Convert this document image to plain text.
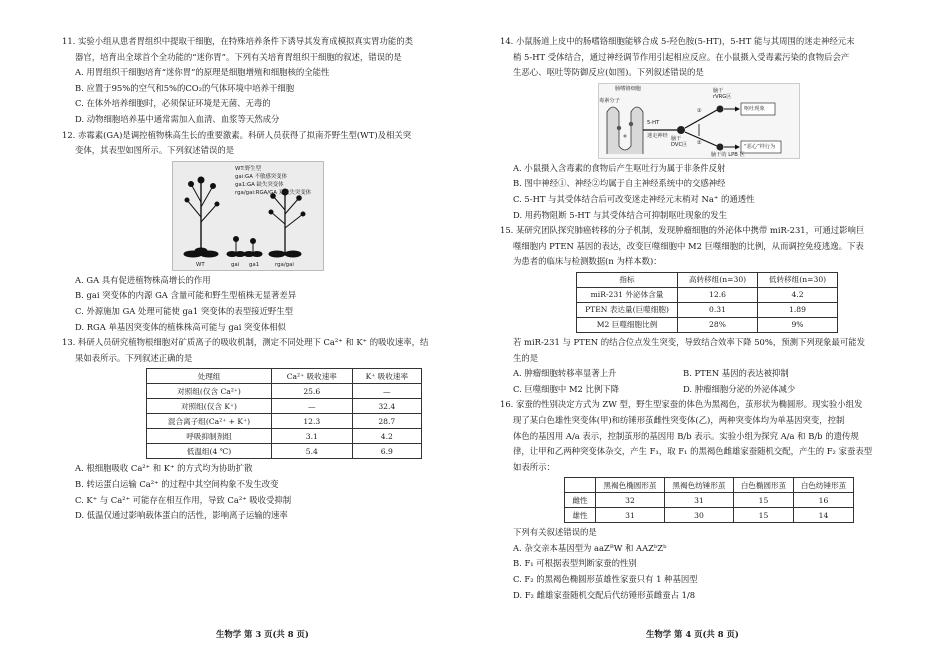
11. 实验小组从患者胃组织中提取干细胞，在特殊培养条件下诱导其发育成模拟真实胃功能的类

器官，培育出全球首个全功能的“迷你胃”。下列有关培育胃组织干细胞的叙述，错误的是

A. 用胃组织干细胞培育“迷你胃”的原理是细胞增殖和细胞核的全能性

B. 应置于95%的空气和5%的CO₂的气体环境中培养干细胞

C. 在体外培养细胞时，必须保证环境是无菌、无毒的

D. 动物细胞培养基中通常需加入血清、血浆等天然成分

12. 赤霉素(GA)是调控植物株高生长的重要激素。科研人员获得了拟南芥野生型(WT)及相关突

变体，其表型如图所示。下列叙述错误的是

WT:野生型
gai:GA 不敏感突变体
ga1:GA 缺失突变体
rga/gai:RGA/GA 双缺失突变体
WT	gai ga1	rga/gai

A. GA 具有促进植物株高增长的作用

B. gai 突变体的内源 GA 含量可能和野生型植株无显著差异

C. 外源施加 GA 处理可能使 ga1 突变体的表型接近野生型

D. RGA 单基因突变体的植株株高可能与 gai 突变体相似

13. 科研人员研究植物根细胞对矿质离子的吸收机制，测定不同处理下 Ca²⁺ 和 K⁺ 的吸收速率，结

果如表所示。下列叙述正确的是

处理组	Ca²⁺ 吸收速率	K⁺ 吸收速率
对照组(仅含 Ca²⁺)	25.6	—
对照组(仅含 K⁺)	—	32.4
混合离子组(Ca²⁺ + K⁺)	12.3	28.7
呼吸抑制剂组	3.1	4.2
低温组(4 ℃)	5.4	6.9

A. 根细胞吸收 Ca²⁺ 和 K⁺ 的方式均为协助扩散

B. 转运蛋白运输 Ca²⁺ 的过程中其空间构象不发生改变

C. K⁺ 与 Ca²⁺ 可能存在相互作用，导致 Ca²⁺ 吸收受抑制

D. 低温仅通过影响载体蛋白的活性，影响离子运输的速率

14. 小鼠肠道上皮中的肠嗜铬细胞能够合成 5-羟色胺(5-HT)，5-HT 能与其周围的迷走神经元末

梢 5-HT 受体结合，通过神经调节作用引起相应反应。在小鼠摄入受毒素污染的食物后会产

生恶心、呕吐等防御反应(如图)。下列叙述错误的是

肠嗜铬细胞
毒素分子
5-HT
迷走神经
①
②
脑干
rVRG区
脑干
DVC区
脑干的 LPB 区
呕吐现象
“恶心”样行为

A. 小鼠摄入含毒素的食物后产生呕吐行为属于非条件反射

B. 图中神经①、神经②均属于自主神经系统中的交感神经

C. 5-HT 与其受体结合后可改变迷走神经元末梢对 Na⁺ 的通透性

D. 用药物阻断 5-HT 与其受体结合可抑制呕吐现象的发生

15. 某研究团队探究肺癌转移的分子机制，发现肿瘤细胞的外泌体中携带 miR-231，可通过影响巨

噬细胞内 PTEN 基因的表达，改变巨噬细胞中 M2 巨噬细胞的比例，从而调控免疫逃逸。下表

为患者的临床与检测数据(n 为样本数)：

指标	高转移组(n=30)	低转移组(n=30)
miR-231 外泌体含量	12.6	4.2
PTEN 表达量(巨噬细胞)	0.31	1.89
M2 巨噬细胞比例	28%	9%

若 miR-231 与 PTEN 的结合位点发生突变，导致结合效率下降 50%，预测下列现象最可能发

生的是

A. 肿瘤细胞转移率显著上升	B. PTEN 基因的表达被抑制

C. 巨噬细胞中 M2 比例下降	D. 肿瘤细胞分泌的外泌体减少

16. 家蚕的性别决定方式为 ZW 型，野生型家蚕的体色为黑褐色，茧形状为椭圆形。现实验小组发

现了某白色雄性突变体(甲)和纺锤形茧雌性突变体(乙)，两种突变体均为单基因突变，控制

体色的基因用 A/a 表示，控制茧形的基因用 B/b 表示。实验小组为探究 A/a 和 B/b 的遗传规

律，让甲和乙两种突变体杂交，产生 F₁，取 F₁ 的黑褐色雌雄家蚕随机交配，产生的 F₂ 家蚕表型

如表所示：

	黑褐色椭圆形茧	黑褐色纺锤形茧	白色椭圆形茧	白色纺锤形茧
雌性	32	31	15	16
雄性	31	30	15	14

下列有关叙述错误的是

A. 杂交亲本基因型为 aaZᴮW 和 AAZᵇZᵇ

B. F₁ 可根据表型判断家蚕的性别

C. F₂ 的黑褐色椭圆形茧雄性家蚕只有 1 种基因型

D. F₂ 雌雄家蚕随机交配后代纺锤形茧雌蚕占 1/8

生物学 第 3 页(共 8 页)	生物学 第 4 页(共 8 页)
